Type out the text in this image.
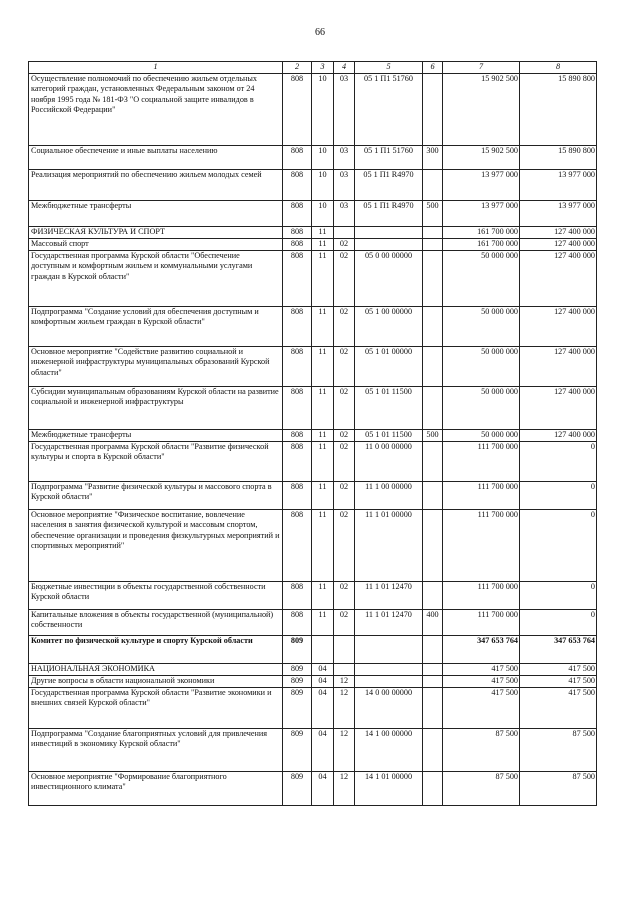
66
1	2	3	4	5	6	7	8
Осуществление полномочий по обеспечению жильем отдельных категорий граждан, установленных Федеральным законом от 24 ноября 1995 года № 181-ФЗ "О социальной защите инвалидов в Российской Федерации"	808	10	03	05 1 П1 51760		15 902 500	15 890 800
Социальное обеспечение и иные выплаты населению	808	10	03	05 1 П1 51760	300	15 902 500	15 890 800
Реализация мероприятий по обеспечению жильем молодых семей	808	10	03	05 1 П1 R4970		13 977 000	13 977 000
Межбюджетные трансферты	808	10	03	05 1 П1 R4970	500	13 977 000	13 977 000
ФИЗИЧЕСКАЯ КУЛЬТУРА И СПОРТ	808	11				161 700 000	127 400 000
Массовый спорт	808	11	02			161 700 000	127 400 000
Государственная программа Курской области "Обеспечение доступным и комфортным жильем и коммунальными услугами граждан в Курской области"	808	11	02	05 0 00 00000		50 000 000	127 400 000
Подпрограмма "Создание условий для обеспечения доступным и комфортным жильем граждан в Курской области"	808	11	02	05 1 00 00000		50 000 000	127 400 000
Основное мероприятие "Содействие развитию социальной и инженерной инфраструктуры муниципальных образований Курской области"	808	11	02	05 1 01 00000		50 000 000	127 400 000
Субсидии муниципальным образованиям Курской области на развитие социальной и инженерной инфраструктуры	808	11	02	05 1 01 11500		50 000 000	127 400 000
Межбюджетные трансферты	808	11	02	05 1 01 11500	500	50 000 000	127 400 000
Государственная программа Курской области "Развитие физической культуры и спорта в Курской области"	808	11	02	11 0 00 00000		111 700 000	0
Подпрограмма "Развитие физической культуры и массового спорта в Курской области"	808	11	02	11 1 00 00000		111 700 000	0
Основное мероприятие "Физическое воспитание, вовлечение населения в занятия физической культурой и массовым спортом, обеспечение организации и проведения физкультурных мероприятий и спортивных мероприятий"	808	11	02	11 1 01 00000		111 700 000	0
Бюджетные инвестиции в объекты государственной собственности Курской области	808	11	02	11 1 01 12470		111 700 000	0
Капитальные вложения в объекты государственной (муниципальной) собственности	808	11	02	11 1 01 12470	400	111 700 000	0
Комитет по физической культуре и спорту Курской области	809					347 653 764	347 653 764
НАЦИОНАЛЬНАЯ ЭКОНОМИКА	809	04				417 500	417 500
Другие вопросы в области национальной экономики	809	04	12			417 500	417 500
Государственная программа Курской области "Развитие экономики и внешних связей Курской области"	809	04	12	14 0 00 00000		417 500	417 500
Подпрограмма "Создание благоприятных условий для привлечения инвестиций в экономику Курской области"	809	04	12	14 1 00 00000		87 500	87 500
Основное мероприятие "Формирование благоприятного инвестиционного климата"	809	04	12	14 1 01 00000		87 500	87 500
